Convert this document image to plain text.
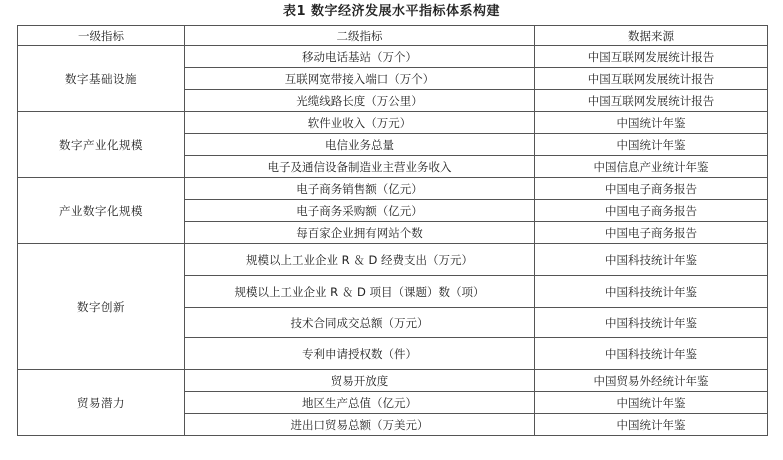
表1 数字经济发展水平指标体系构建
一级指标	二级指标	数据来源
数字基础设施	移动电话基站（万个）	中国互联网发展统计报告
	互联网宽带接入端口（万个）	中国互联网发展统计报告
	光缆线路长度（万公里）	中国互联网发展统计报告
数字产业化规模	软件业收入（万元）	中国统计年鉴
	电信业务总量	中国统计年鉴
	电子及通信设备制造业主营业务收入	中国信息产业统计年鉴
产业数字化规模	电子商务销售额（亿元）	中国电子商务报告
	电子商务采购额（亿元）	中国电子商务报告
	每百家企业拥有网站个数	中国电子商务报告
数字创新	规模以上工业企业 R ＆ D 经费支出（万元）	中国科技统计年鉴
	规模以上工业企业 R ＆ D 项目（课题）数（项）	中国科技统计年鉴
	技术合同成交总额（万元）	中国科技统计年鉴
	专利申请授权数（件）	中国科技统计年鉴
贸易潜力	贸易开放度	中国贸易外经统计年鉴
	地区生产总值（亿元）	中国统计年鉴
	进出口贸易总额（万美元）	中国统计年鉴
